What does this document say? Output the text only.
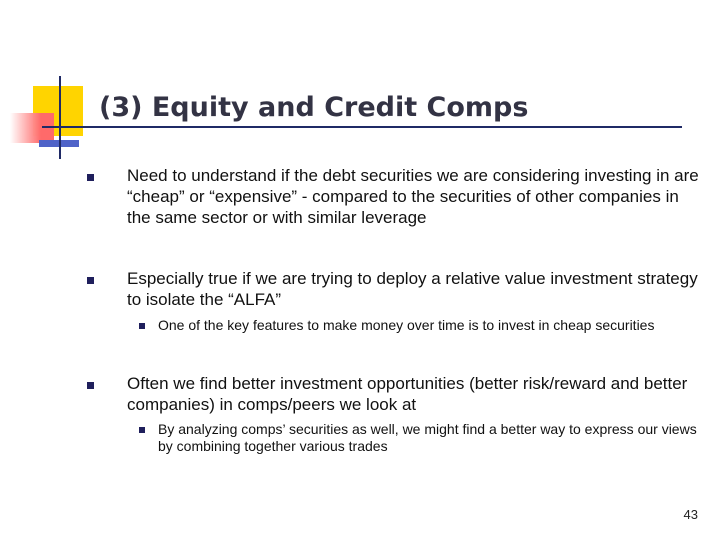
(3) Equity and Credit Comps
Need to understand if the debt securities we are considering investing in are “cheap” or “expensive” - compared to the securities of other companies in the same sector or with similar leverage
Especially true if we are trying to deploy a relative value investment strategy to isolate the “ALFA”
One of the key features to make money over time is to invest in cheap securities
Often we find better investment opportunities (better risk/reward and better companies) in comps/peers we look at
By analyzing comps’ securities as well, we might find a better way to express our views by combining together various trades
43
